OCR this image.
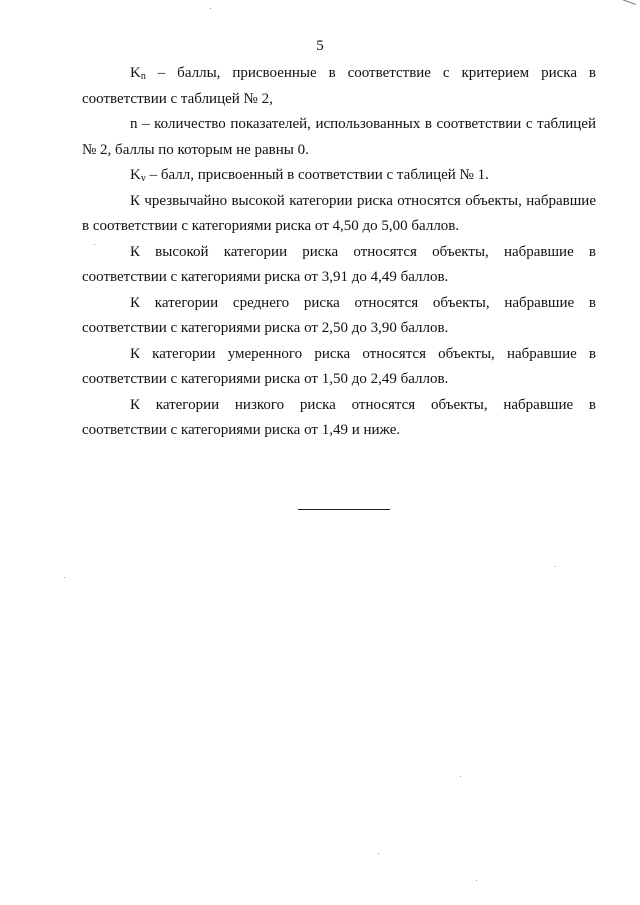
5

$K_n$ – баллы, присвоенные в соответствие с критерием риска в соответствии с таблицей № 2,

n – количество показателей, использованных в соответствии с таблицей № 2, баллы по которым не равны 0.

$K_v$ – балл, присвоенный в соответствии с таблицей № 1.

К чрезвычайно высокой категории риска относятся объекты, набравшие в соответствии с категориями риска от 4,50 до 5,00 баллов.

К высокой категории риска относятся объекты, набравшие в соответствии с категориями риска от 3,91 до 4,49 баллов.

К категории среднего риска относятся объекты, набравшие в соответствии с категориями риска от 2,50 до 3,90 баллов.

К категории умеренного риска относятся объекты, набравшие в соответствии с категориями риска от 1,50 до 2,49 баллов.

К категории низкого риска относятся объекты, набравшие в соответствии с категориями риска от 1,49 и ниже.
